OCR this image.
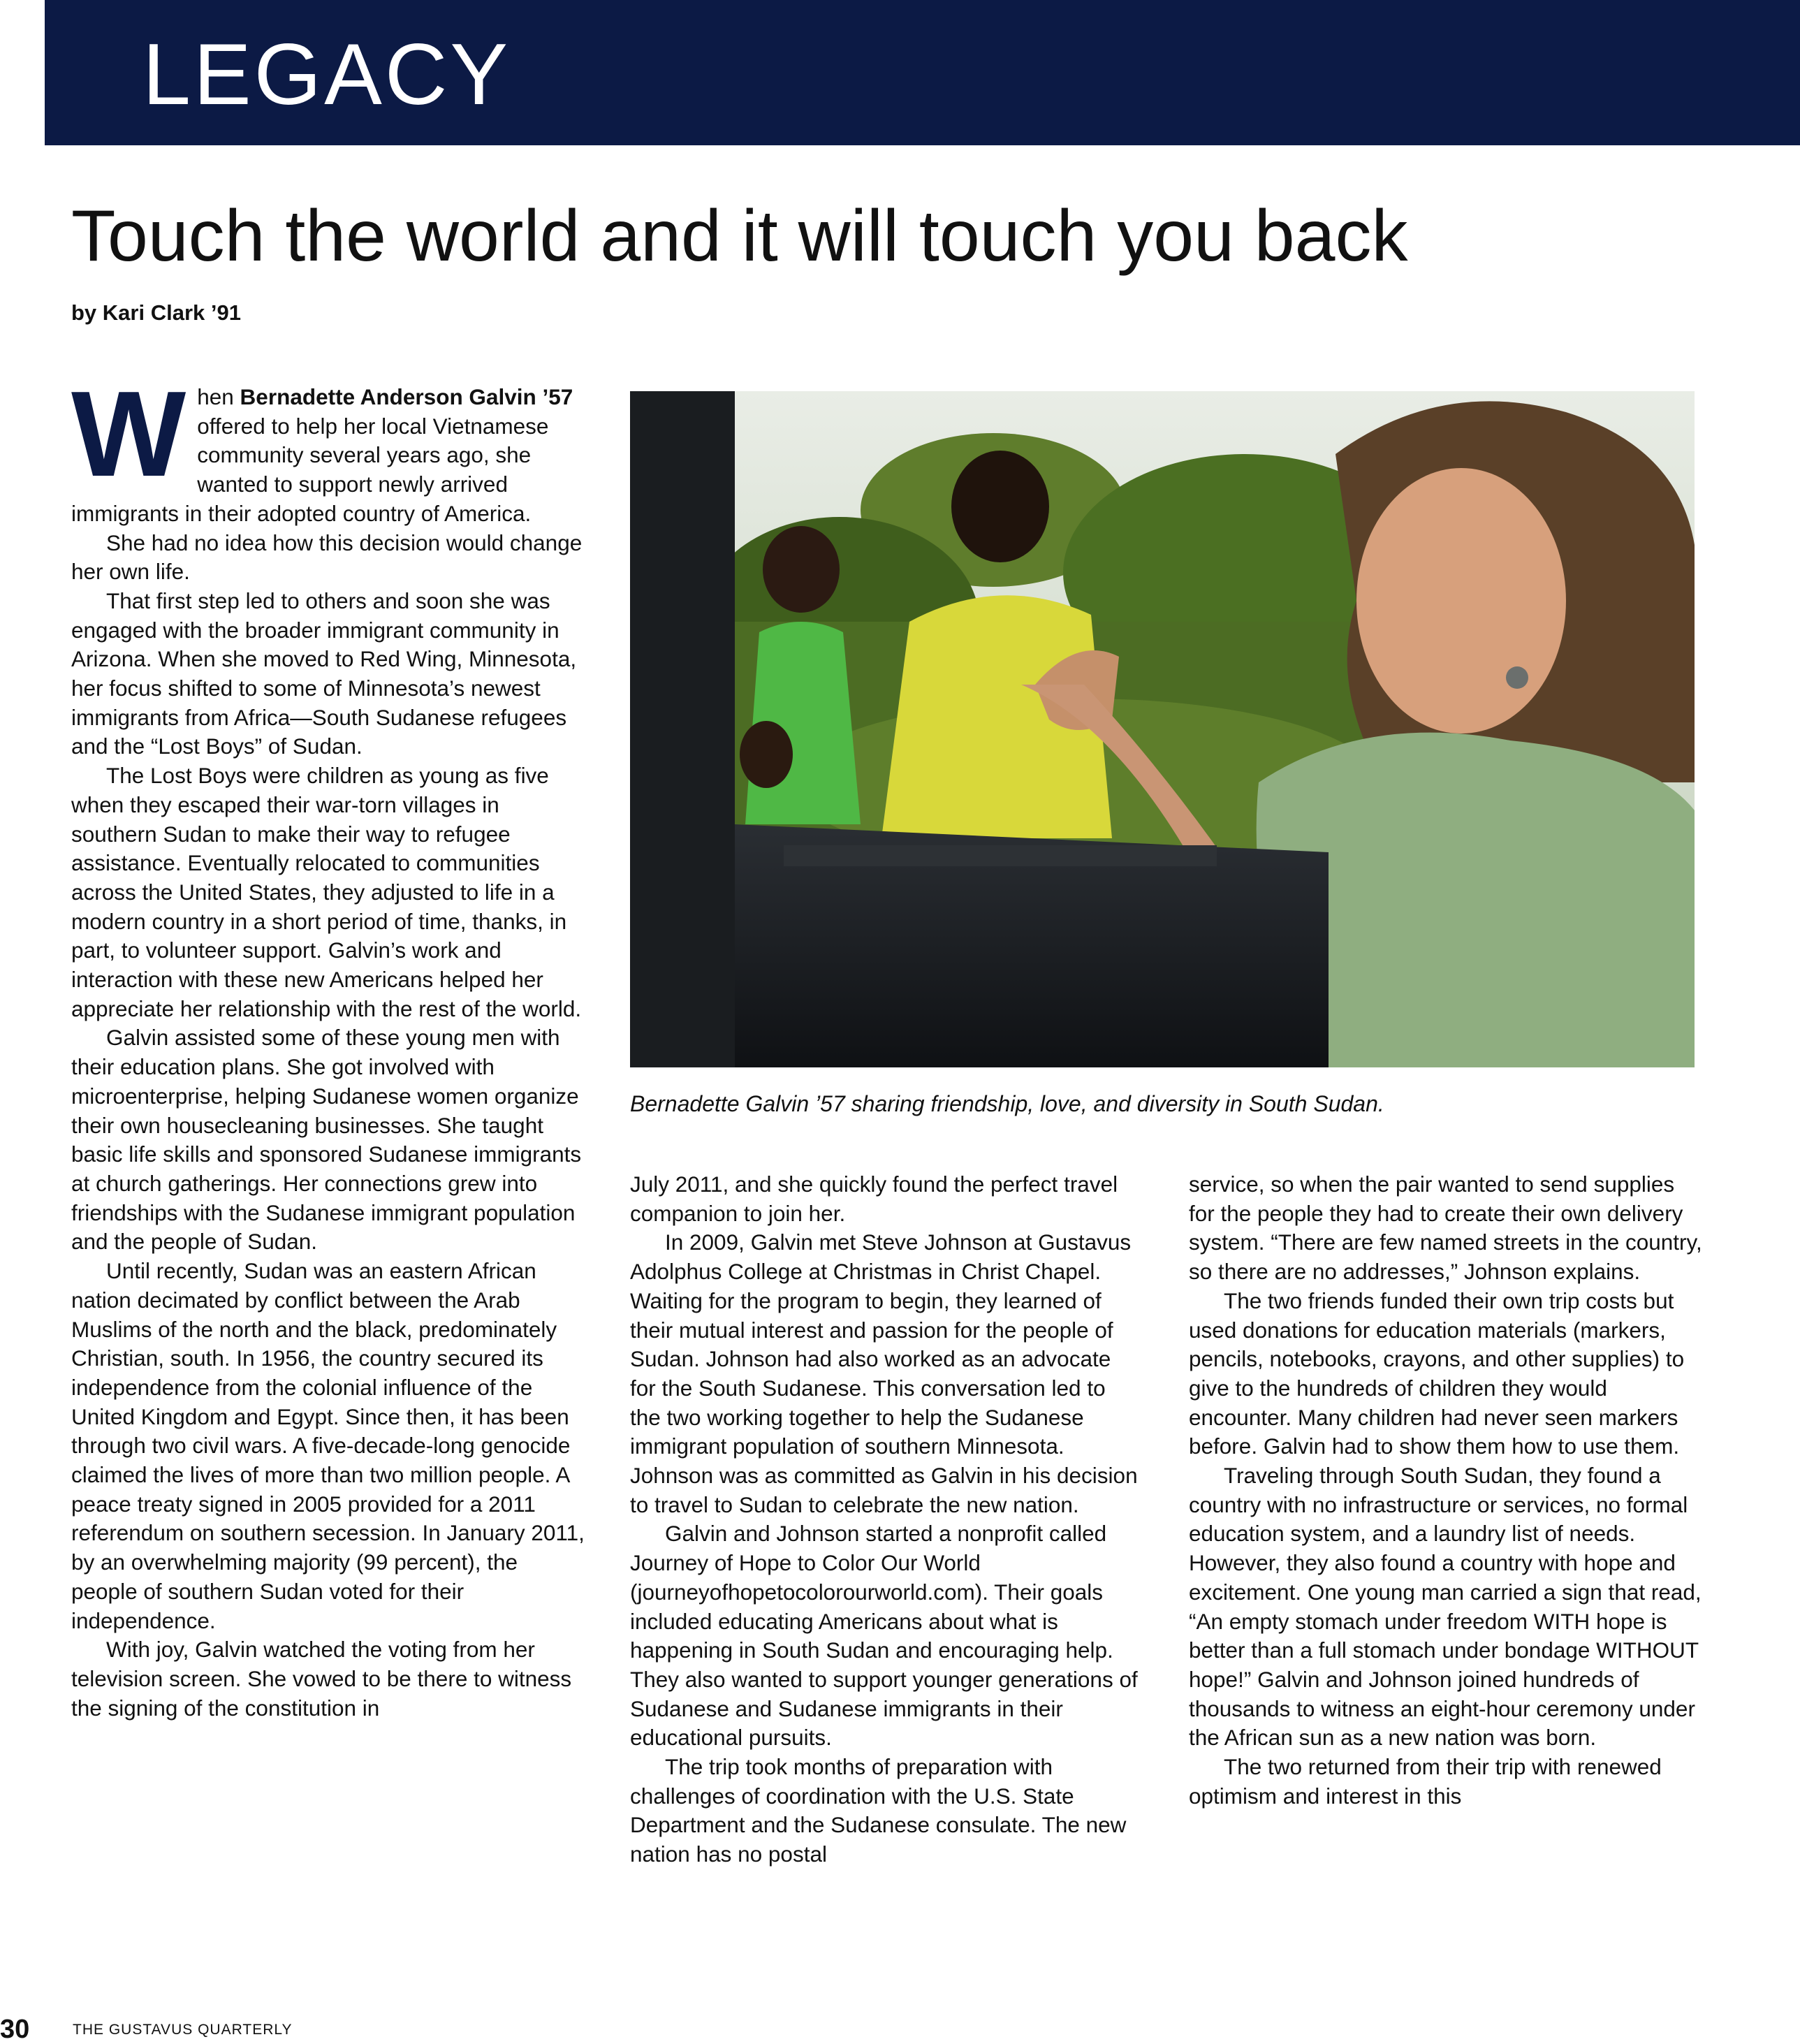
LEGACY
Touch the world and it will touch you back
by Kari Clark ’91

When Bernadette Anderson Galvin ’57 offered to help her local Vietnamese community several years ago, she wanted to support newly arrived immigrants in their adopted country of America.

She had no idea how this decision would change her own life.

That first step led to others and soon she was engaged with the broader immigrant community in Arizona. When she moved to Red Wing, Minnesota, her focus shifted to some of Minnesota’s newest immigrants from Africa—South Sudanese refugees and the “Lost Boys” of Sudan.

The Lost Boys were children as young as five when they escaped their war-torn villages in southern Sudan to make their way to refugee assistance. Eventually relocated to communities across the United States, they adjusted to life in a modern country in a short period of time, thanks, in part, to volunteer support. Galvin’s work and interaction with these new Americans helped her appreciate her relationship with the rest of the world.

Galvin assisted some of these young men with their education plans. She got involved with microenterprise, helping Sudanese women organize their own housecleaning businesses. She taught basic life skills and sponsored Sudanese immigrants at church gatherings. Her connections grew into friendships with the Sudanese immigrant population and the people of Sudan.

Until recently, Sudan was an eastern African nation decimated by conflict between the Arab Muslims of the north and the black, predominately Christian, south. In 1956, the country secured its independence from the colonial influence of the United Kingdom and Egypt. Since then, it has been through two civil wars. A five-decade-long genocide claimed the lives of more than two million people. A peace treaty signed in 2005 provided for a 2011 referendum on southern secession. In January 2011, by an overwhelming majority (99 percent), the people of southern Sudan voted for their independence.

With joy, Galvin watched the voting from her television screen. She vowed to be there to witness the signing of the constitution in

Bernadette Galvin ’57 sharing friendship, love, and diversity in South Sudan.

July 2011, and she quickly found the perfect travel companion to join her.

In 2009, Galvin met Steve Johnson at Gustavus Adolphus College at Christmas in Christ Chapel. Waiting for the program to begin, they learned of their mutual interest and passion for the people of Sudan. Johnson had also worked as an advocate for the South Sudanese. This conversation led to the two working together to help the Sudanese immigrant population of southern Minnesota. Johnson was as committed as Galvin in his decision to travel to Sudan to celebrate the new nation.

Galvin and Johnson started a nonprofit called Journey of Hope to Color Our World (journeyofhopetocolorourworld.com). Their goals included educating Americans about what is happening in South Sudan and encouraging help. They also wanted to support younger generations of Sudanese and Sudanese immigrants in their educational pursuits.

The trip took months of preparation with challenges of coordination with the U.S. State Department and the Sudanese consulate. The new nation has no postal

service, so when the pair wanted to send supplies for the people they had to create their own delivery system. “There are few named streets in the country, so there are no addresses,” Johnson explains.

The two friends funded their own trip costs but used donations for education materials (markers, pencils, notebooks, crayons, and other supplies) to give to the hundreds of children they would encounter. Many children had never seen markers before. Galvin had to show them how to use them.

Traveling through South Sudan, they found a country with no infrastructure or services, no formal education system, and a laundry list of needs. However, they also found a country with hope and excitement. One young man carried a sign that read, “An empty stomach under freedom WITH hope is better than a full stomach under bondage WITHOUT hope!” Galvin and Johnson joined hundreds of thousands to witness an eight-hour ceremony under the African sun as a new nation was born.

The two returned from their trip with renewed optimism and interest in this

30	THE GUSTAVUS QUARTERLY
